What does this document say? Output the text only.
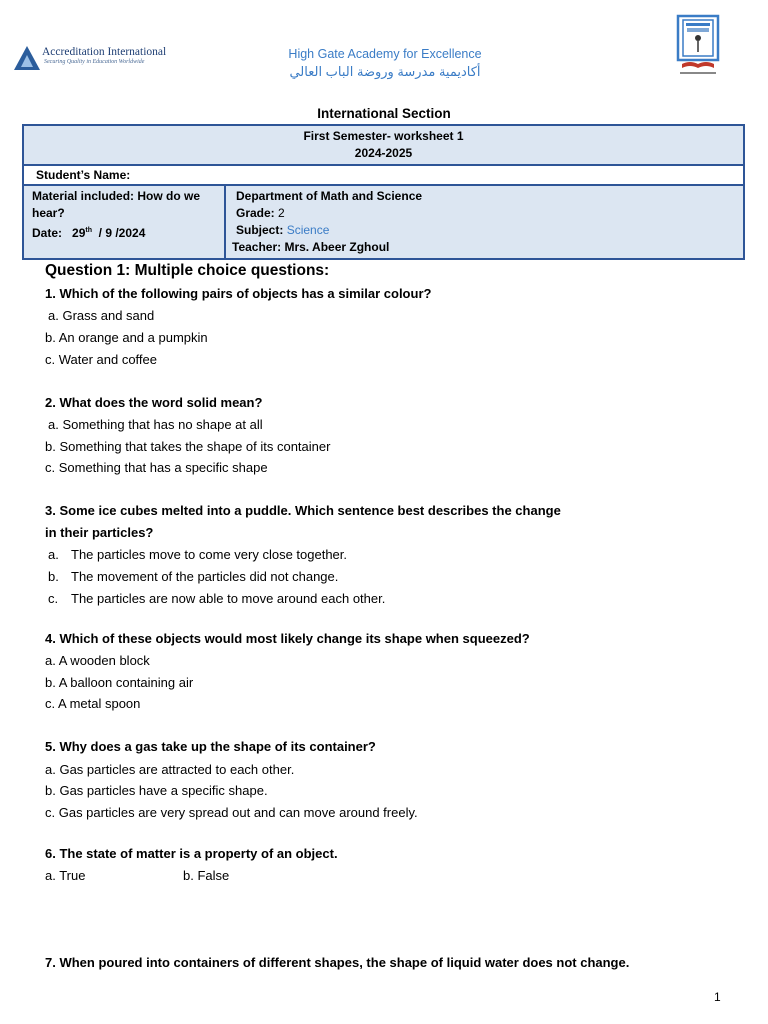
Accreditation International
Securing Quality in Education Worldwide
High Gate Academy for Excellence
أكاديمية مدرسة وروضة الباب العالي
International Section
First Semester- worksheet 1
2024-2025
Student’s Name:
Material included: How do we hear?
Date: 29th / 9 /2024
Department of Math and Science
Grade: 2
Subject: Science
Teacher: Mrs. Abeer Zghoul
Question 1: Multiple choice questions:
1. Which of the following pairs of objects has a similar colour?
a. Grass and sand
b. An orange and a pumpkin
c. Water and coffee
2. What does the word solid mean?
a. Something that has no shape at all
b. Something that takes the shape of its container
c. Something that has a specific shape
3. Some ice cubes melted into a puddle. Which sentence best describes the change
in their particles?
a. The particles move to come very close together.
b. The movement of the particles did not change.
c. The particles are now able to move around each other.
4. Which of these objects would most likely change its shape when squeezed?
a. A wooden block
b. A balloon containing air
c. A metal spoon
5. Why does a gas take up the shape of its container?
a. Gas particles are attracted to each other.
b. Gas particles have a specific shape.
c. Gas particles are very spread out and can move around freely.
6. The state of matter is a property of an object.
a. True	b. False
7. When poured into containers of different shapes, the shape of liquid water does not change.
1
